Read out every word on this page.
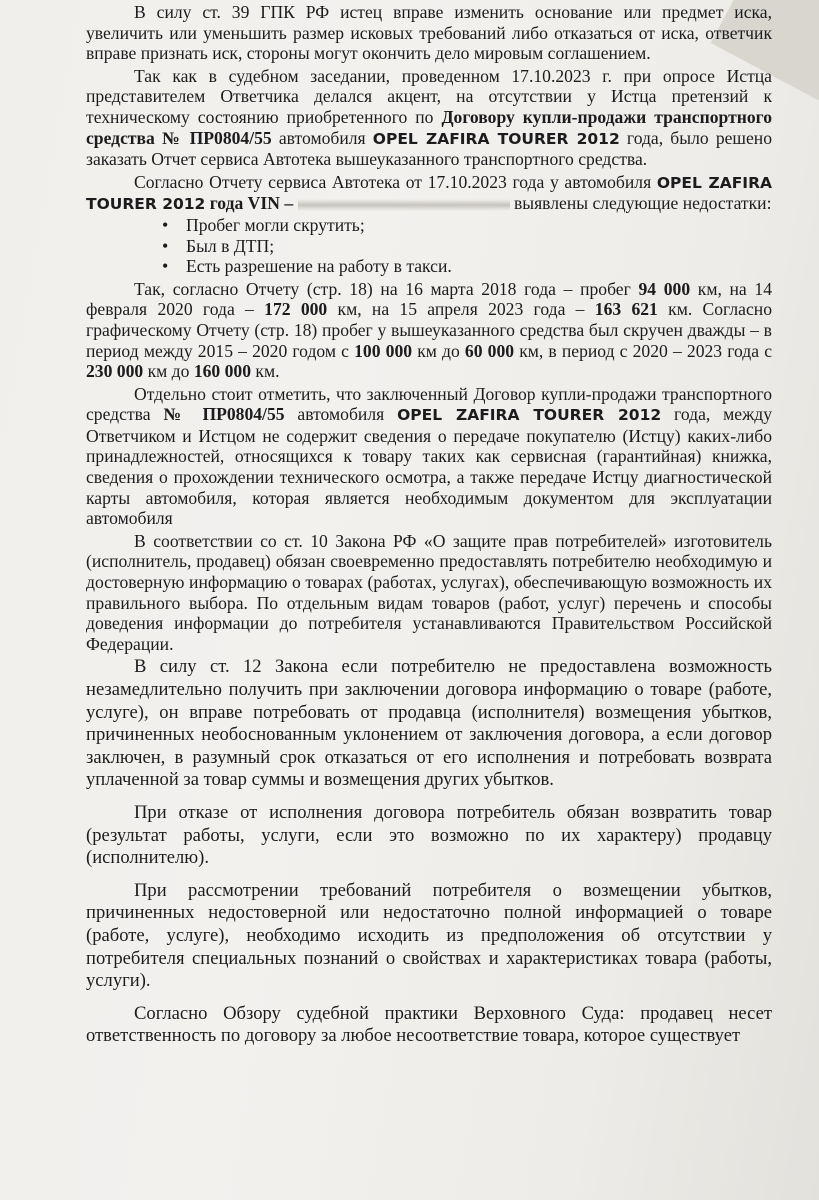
В силу ст. 39 ГПК РФ истец вправе изменить основание или предмет иска, увеличить или уменьшить размер исковых требований либо отказаться от иска, ответчик вправе признать иск, стороны могут окончить дело мировым соглашением.

Так как в судебном заседании, проведенном 17.10.2023 г. при опросе Истца представителем Ответчика делался акцент, на отсутствии у Истца претензий к техническому состоянию приобретенного по Договору купли-продажи транспортного средства № ПР0804/55 автомобиля OPEL ZAFIRA TOURER 2012 года, было решено заказать Отчет сервиса Автотека вышеуказанного транспортного средства.

Согласно Отчету сервиса Автотека от 17.10.2023 года у автомобиля OPEL ZAFIRA TOURER 2012 года VIN –	выявлены следующие недостатки:

• Пробег могли скрутить;
• Был в ДТП;
• Есть разрешение на работу в такси.

Так, согласно Отчету (стр. 18) на 16 марта 2018 года – пробег 94 000 км, на 14 февраля 2020 года – 172 000 км, на 15 апреля 2023 года – 163 621 км. Согласно графическому Отчету (стр. 18) пробег у вышеуказанного средства был скручен дважды – в период между 2015 – 2020 годом с 100 000 км до 60 000 км, в период с 2020 – 2023 года с 230 000 км до 160 000 км.

Отдельно стоит отметить, что заключенный Договор купли-продажи транспортного средства № ПР0804/55 автомобиля OPEL ZAFIRA TOURER 2012 года, между Ответчиком и Истцом не содержит сведения о передаче покупателю (Истцу) каких-либо принадлежностей, относящихся к товару таких как сервисная (гарантийная) книжка, сведения о прохождении технического осмотра, а также передаче Истцу диагностической карты автомобиля, которая является необходимым документом для эксплуатации автомобиля

В соответствии со ст. 10 Закона РФ «О защите прав потребителей» изготовитель (исполнитель, продавец) обязан своевременно предоставлять потребителю необходимую и достоверную информацию о товарах (работах, услугах), обеспечивающую возможность их правильного выбора. По отдельным видам товаров (работ, услуг) перечень и способы доведения информации до потребителя устанавливаются Правительством Российской Федерации.

В силу ст. 12 Закона если потребителю не предоставлена возможность незамедлительно получить при заключении договора информацию о товаре (работе, услуге), он вправе потребовать от продавца (исполнителя) возмещения убытков, причиненных необоснованным уклонением от заключения договора, а если договор заключен, в разумный срок отказаться от его исполнения и потребовать возврата уплаченной за товар суммы и возмещения других убытков.

При отказе от исполнения договора потребитель обязан возвратить товар (результат работы, услуги, если это возможно по их характеру) продавцу (исполнителю).

При рассмотрении требований потребителя о возмещении убытков, причиненных недостоверной или недостаточно полной информацией о товаре (работе, услуге), необходимо исходить из предположения об отсутствии у потребителя специальных познаний о свойствах и характеристиках товара (работы, услуги).

Согласно Обзору судебной практики Верховного Суда: продавец несет ответственность по договору за любое несоответствие товара, которое существует
